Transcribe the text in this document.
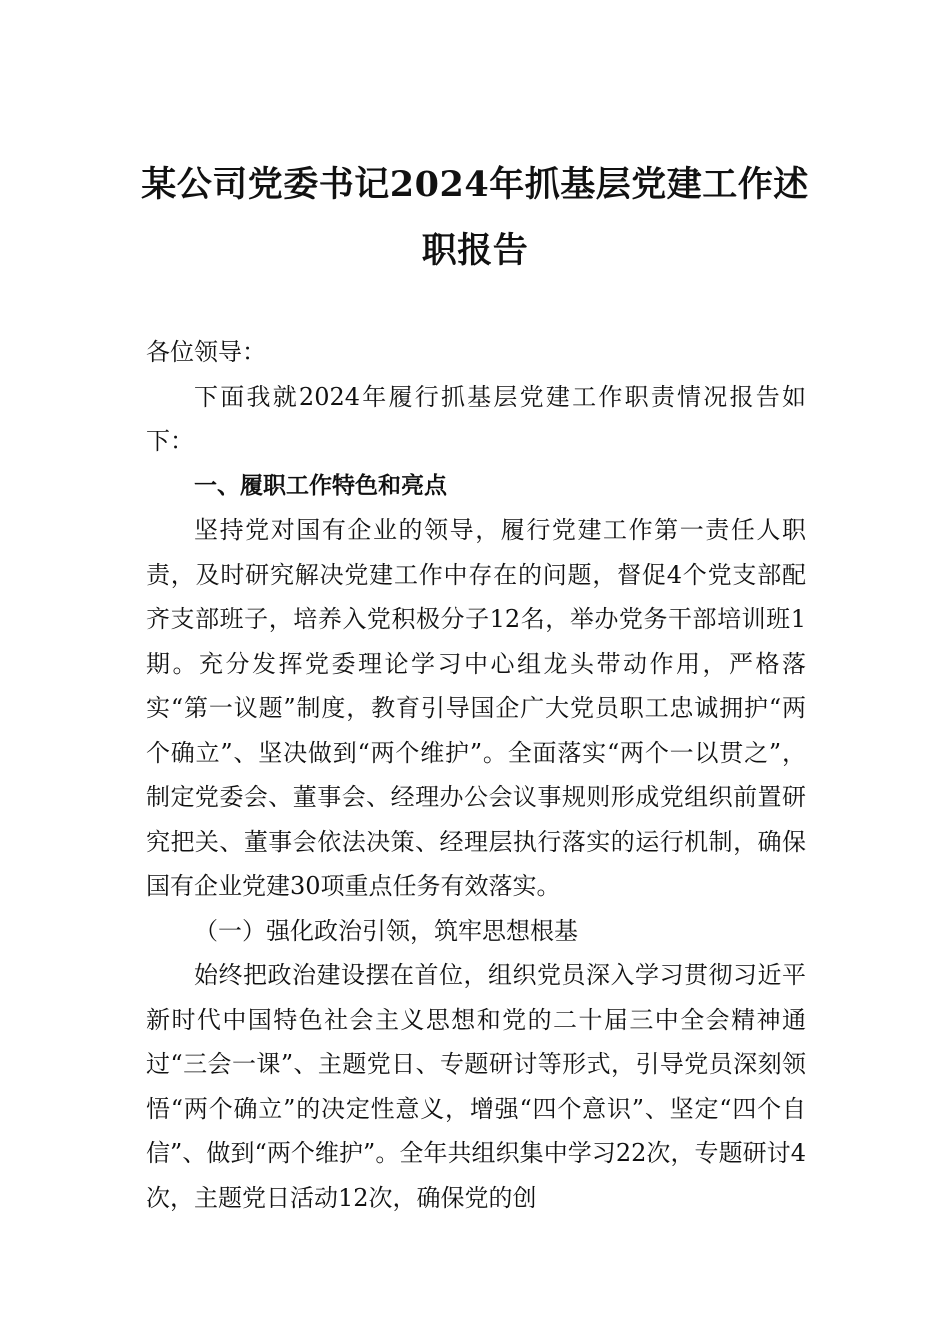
某公司党委书记2024年抓基层党建工作述职报告

各位领导：

下面我就2024年履行抓基层党建工作职责情况报告如下：

一、履职工作特色和亮点

坚持党对国有企业的领导，履行党建工作第一责任人职责，及时研究解决党建工作中存在的问题，督促4个党支部配齐支部班子，培养入党积极分子12名，举办党务干部培训班1期。充分发挥党委理论学习中心组龙头带动作用，严格落实“第一议题”制度，教育引导国企广大党员职工忠诚拥护“两个确立”、坚决做到“两个维护”。全面落实“两个一以贯之”，制定党委会、董事会、经理办公会议事规则形成党组织前置研究把关、董事会依法决策、经理层执行落实的运行机制，确保国有企业党建30项重点任务有效落实。

（一）强化政治引领，筑牢思想根基

始终把政治建设摆在首位，组织党员深入学习贯彻习近平新时代中国特色社会主义思想和党的二十届三中全会精神通过“三会一课”、主题党日、专题研讨等形式，引导党员深刻领悟“两个确立”的决定性意义，增强“四个意识”、坚定“四个自信”、做到“两个维护”。全年共组织集中学习22次，专题研讨4次，主题党日活动12次，确保党的创
